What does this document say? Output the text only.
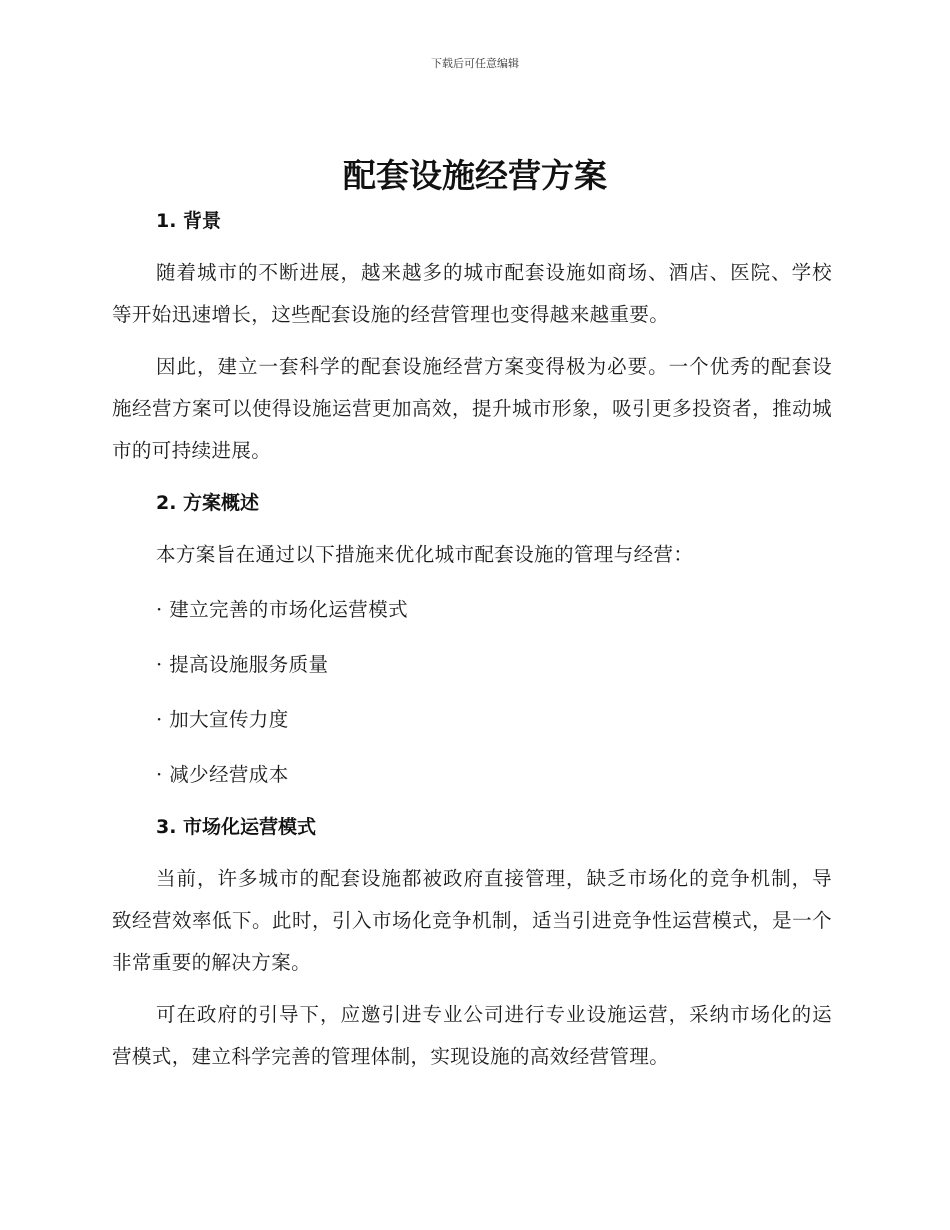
下载后可任意编辑
配套设施经营方案
1. 背景

随着城市的不断进展，越来越多的城市配套设施如商场、酒店、医院、学校等开始迅速增长，这些配套设施的经营管理也变得越来越重要。

因此，建立一套科学的配套设施经营方案变得极为必要。一个优秀的配套设施经营方案可以使得设施运营更加高效，提升城市形象，吸引更多投资者，推动城市的可持续进展。

2. 方案概述

本方案旨在通过以下措施来优化城市配套设施的管理与经营：

· 建立完善的市场化运营模式

· 提高设施服务质量

· 加大宣传力度

· 减少经营成本

3. 市场化运营模式

当前，许多城市的配套设施都被政府直接管理，缺乏市场化的竞争机制，导致经营效率低下。此时，引入市场化竞争机制，适当引进竞争性运营模式，是一个非常重要的解决方案。

可在政府的引导下，应邀引进专业公司进行专业设施运营，采纳市场化的运营模式，建立科学完善的管理体制，实现设施的高效经营管理。
